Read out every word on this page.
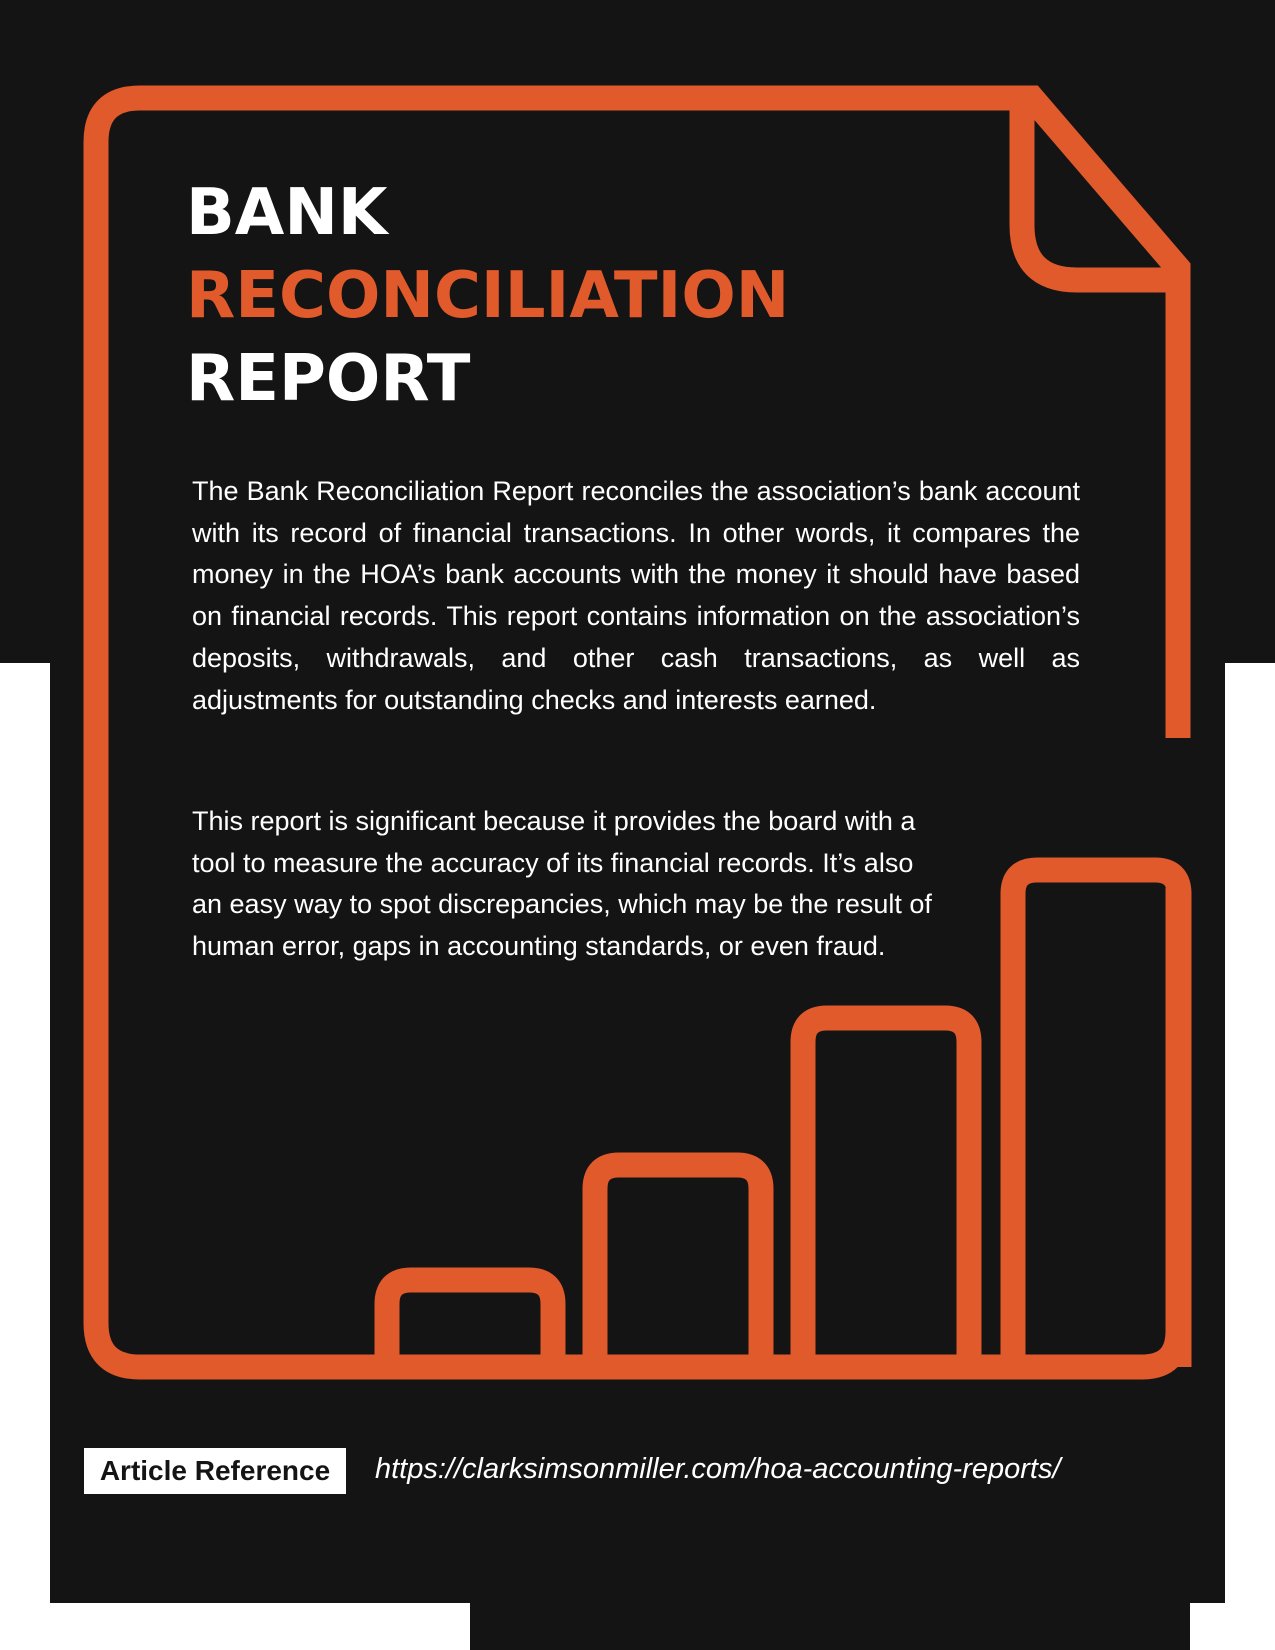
BANK
RECONCILIATION
REPORT

The Bank Reconciliation Report reconciles the association’s bank account with its record of financial transactions. In other words, it compares the money in the HOA’s bank accounts with the money it should have based on financial records. This report contains information on the association’s deposits, withdrawals, and other cash transactions, as well as adjustments for outstanding checks and interests earned.

This report is significant because it provides the board with a tool to measure the accuracy of its financial records. It’s also an easy way to spot discrepancies, which may be the result of human error, gaps in accounting standards, or even fraud.

Article Reference	https://clarksimsonmiller.com/hoa-accounting-reports/
